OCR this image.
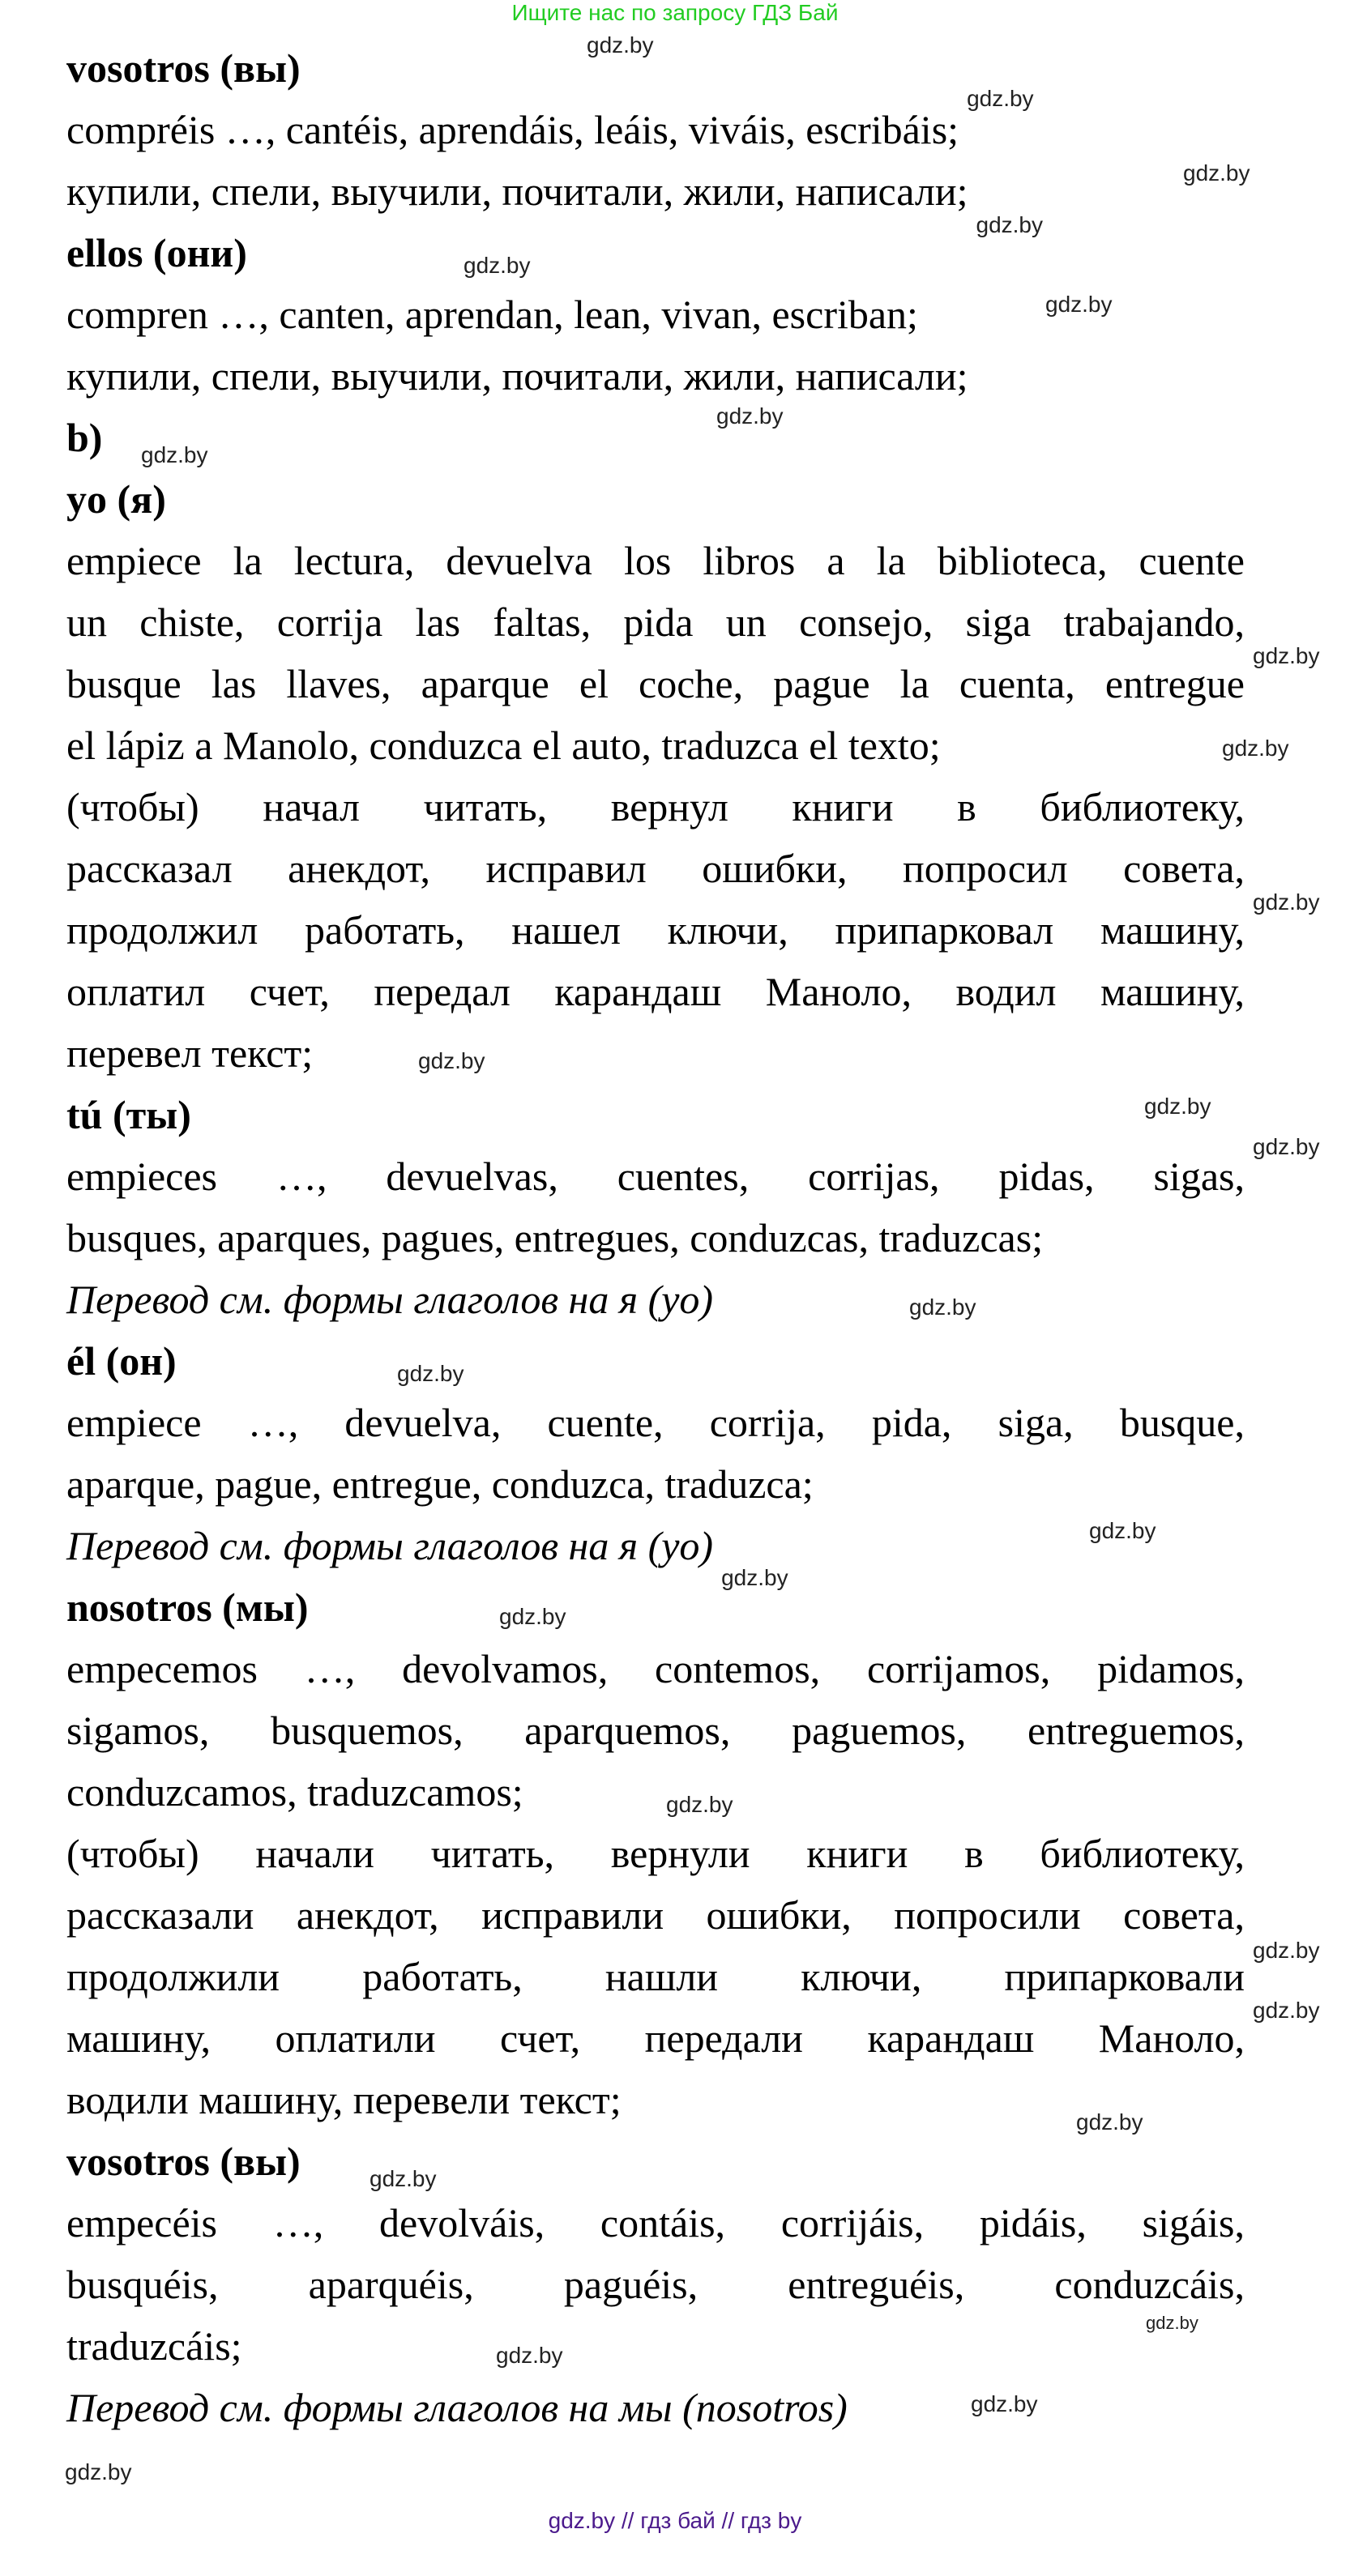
Ищите нас по запросу ГДЗ Бай
vosotros (вы)
compréis …, cantéis, aprendáis, leáis, viváis, escribáis;
купили, спели, выучили, почитали, жили, написали;
ellos (они)
compren …, canten, aprendan, lean, vivan, escriban;
купили, спели, выучили, почитали, жили, написали;
b)
yo (я)
empiece la lectura, devuelva los libros a la biblioteca, cuente
un chiste, corrija las faltas, pida un consejo, siga trabajando,
busque las llaves, aparque el coche, pague la cuenta, entregue
el lápiz a Manolo, conduzca el auto, traduzca el texto;
(чтобы) начал читать, вернул книги в библиотеку,
рассказал анекдот, исправил ошибки, попросил совета,
продолжил работать, нашел ключи, припарковал машину,
оплатил счет, передал карандаш Маноло, водил машину,
перевел текст;
tú (ты)
empieces …, devuelvas, cuentes, corrijas, pidas, sigas,
busques, aparques, pagues, entregues, conduzcas, traduzcas;
Перевод см. формы глаголов на я (yo)
él (он)
empiece …, devuelva, cuente, corrija, pida, siga, busque,
aparque, pague, entregue, conduzca, traduzca;
Перевод см. формы глаголов на я (yo)
nosotros (мы)
empecemos …, devolvamos, contemos, corrijamos, pidamos,
sigamos, busquemos, aparquemos, paguemos, entreguemos,
conduzcamos, traduzcamos;
(чтобы) начали читать, вернули книги в библиотеку,
рассказали анекдот, исправили ошибки, попросили совета,
продолжили работать, нашли ключи, припарковали
машину, оплатили счет, передали карандаш Маноло,
водили машину, перевели текст;
vosotros (вы)
empecéis …, devolváis, contáis, corrijáis, pidáis, sigáis,
busquéis, aparquéis, paguéis, entreguéis, conduzcáis,
traduzcáis;
Перевод см. формы глаголов на мы (nosotros)
gdz.by
gdz.by
gdz.by
gdz.by
gdz.by
gdz.by
gdz.by
gdz.by
gdz.by
gdz.by
gdz.by
gdz.by
gdz.by
gdz.by
gdz.by
gdz.by
gdz.by
gdz.by
gdz.by
gdz.by
gdz.by
gdz.by
gdz.by
gdz.by
gdz.by
gdz.by
gdz.by
gdz.by
gdz.by // гдз бай // гдз by
